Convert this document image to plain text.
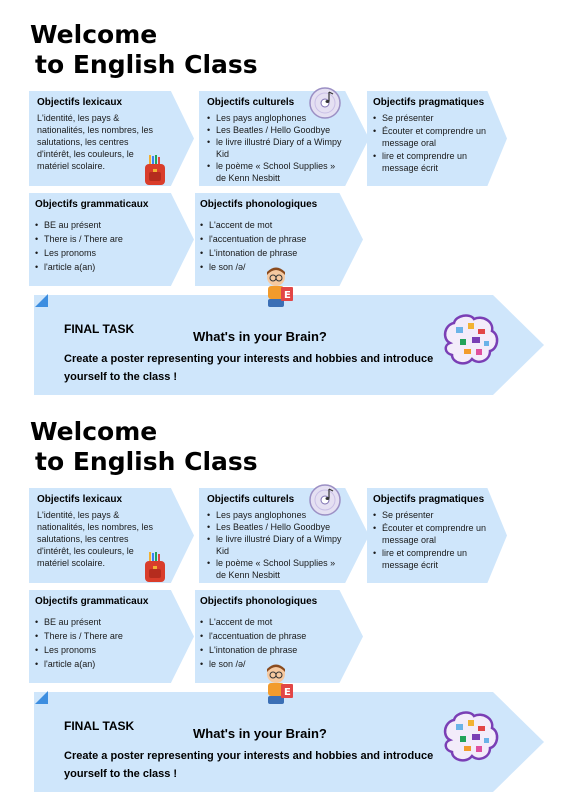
Welcome
to English Class
Objectifs lexicaux

L'identité, les pays & nationalités, les nombres, les salutations, les centres d'intérêt, les couleurs, le matériel scolaire.

Objectifs culturels
• Les pays anglophones
• Les Beatles / Hello Goodbye
• le livre illustré Diary of a Wimpy Kid
• le poème « School Supplies » de Kenn Nesbitt
Objectifs pragmatiques
• Se présenter
• Écouter et comprendre un message oral
• lire et comprendre un message écrit
Objectifs grammaticaux
• BE au présent
• There is / There are
• Les pronoms
• l'article a(an)
Objectifs phonologiques
• L'accent de mot
• l'accentuation de phrase
• L'intonation de phrase
• le son /ə/
FINAL TASK	What's in your Brain?
Create a poster representing your interests and hobbies and introduce yourself to the class !
E
Welcome
to English Class
Objectifs lexicaux

L'identité, les pays & nationalités, les nombres, les salutations, les centres d'intérêt, les couleurs, le matériel scolaire.

Objectifs culturels
• Les pays anglophones
• Les Beatles / Hello Goodbye
• le livre illustré Diary of a Wimpy Kid
• le poème « School Supplies » de Kenn Nesbitt
Objectifs pragmatiques
• Se présenter
• Écouter et comprendre un message oral
• lire et comprendre un message écrit
Objectifs grammaticaux
• BE au présent
• There is / There are
• Les pronoms
• l'article a(an)
Objectifs phonologiques
• L'accent de mot
• l'accentuation de phrase
• L'intonation de phrase
• le son /ə/
FINAL TASK	What's in your Brain?
Create a poster representing your interests and hobbies and introduce yourself to the class !
E
